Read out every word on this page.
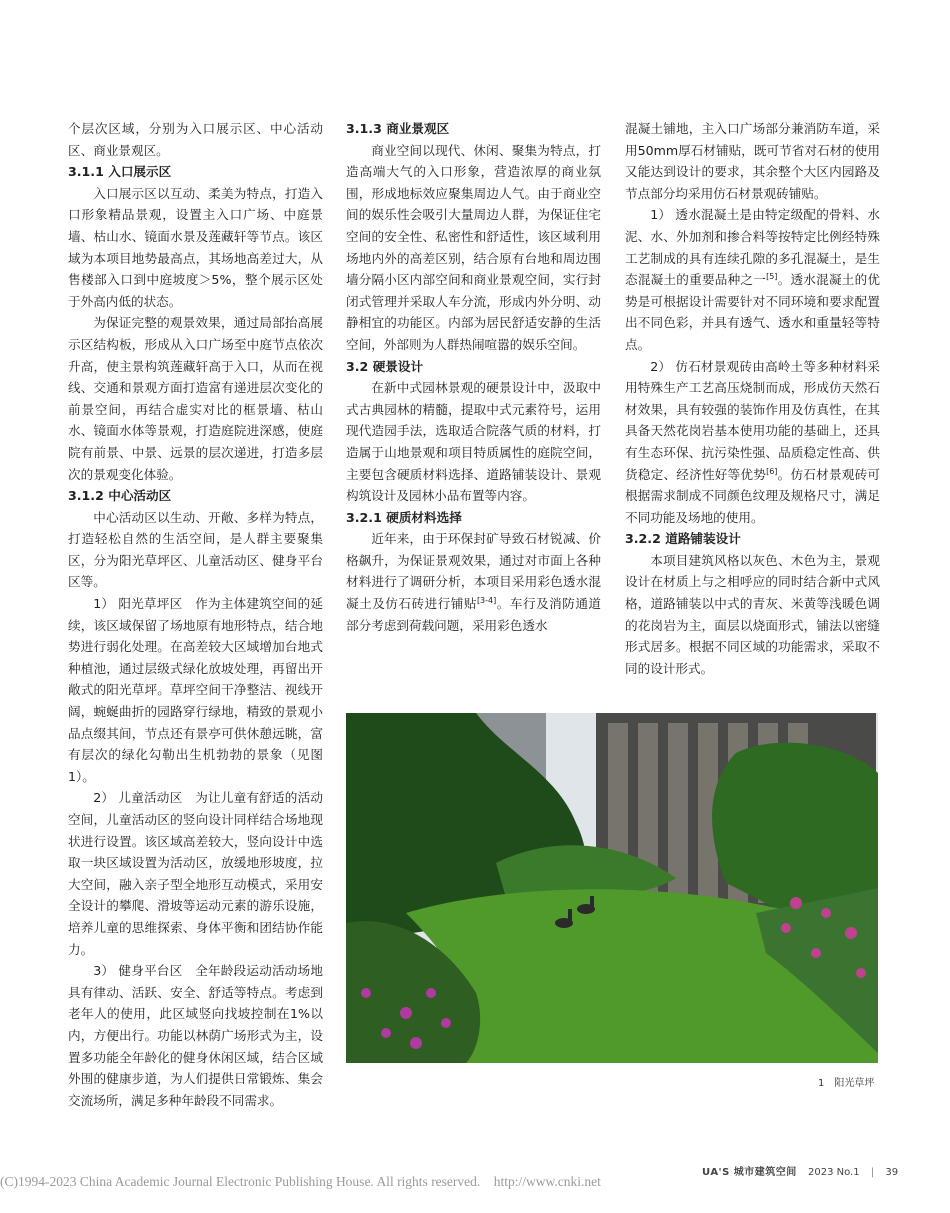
个层次区域，分别为入口展示区、中心活动区、商业景观区。

3.1.1 入口展示区

入口展示区以互动、柔美为特点，打造入口形象精品景观，设置主入口广场、中庭景墙、枯山水、镜面水景及莲藏轩等节点。该区域为本项目地势最高点，其场地高差过大，从售楼部入口到中庭坡度＞5%，整个展示区处于外高内低的状态。

为保证完整的观景效果，通过局部抬高展示区结构板，形成从入口广场至中庭节点依次升高，使主景构筑莲藏轩高于入口，从而在视线、交通和景观方面打造富有递进层次变化的前景空间，再结合虚实对比的框景墙、枯山水、镜面水体等景观，打造庭院进深感，使庭院有前景、中景、远景的层次递进，打造多层次的景观变化体验。

3.1.2 中心活动区

中心活动区以生动、开敞、多样为特点，打造轻松自然的生活空间，是人群主要聚集区，分为阳光草坪区、儿童活动区、健身平台区等。

1） 阳光草坪区　作为主体建筑空间的延续，该区域保留了场地原有地形特点，结合地势进行弱化处理。在高差较大区域增加台地式种植池，通过层级式绿化放坡处理，再留出开敞式的阳光草坪。草坪空间干净整洁、视线开阔，蜿蜒曲折的园路穿行绿地，精致的景观小品点缀其间，节点还有景亭可供休憩远眺，富有层次的绿化勾勒出生机勃勃的景象（见图1）。

2） 儿童活动区　为让儿童有舒适的活动空间，儿童活动区的竖向设计同样结合场地现状进行设置。该区域高差较大，竖向设计中选取一块区域设置为活动区，放缓地形坡度，拉大空间，融入亲子型全地形互动模式，采用安全设计的攀爬、滑坡等运动元素的游乐设施，培养儿童的思维探索、身体平衡和团结协作能力。

3） 健身平台区　全年龄段运动活动场地具有律动、活跃、安全、舒适等特点。考虑到老年人的使用，此区域竖向找坡控制在1%以内，方便出行。功能以林荫广场形式为主，设置多功能全年龄化的健身休闲区域，结合区域外围的健康步道，为人们提供日常锻炼、集会交流场所，满足多种年龄段不同需求。

3.1.3 商业景观区

商业空间以现代、休闲、聚集为特点，打造高端大气的入口形象，营造浓厚的商业氛围，形成地标效应聚集周边人气。由于商业空间的娱乐性会吸引大量周边人群，为保证住宅空间的安全性、私密性和舒适性，该区域利用场地内外的高差区别，结合原有台地和周边围墙分隔小区内部空间和商业景观空间，实行封闭式管理并采取人车分流，形成内外分明、动静相宜的功能区。内部为居民舒适安静的生活空间，外部则为人群热闹喧嚣的娱乐空间。

3.2 硬景设计

在新中式园林景观的硬景设计中，汲取中式古典园林的精髓，提取中式元素符号，运用现代造园手法，选取适合院落气质的材料，打造属于山地景观和项目特质属性的庭院空间，主要包含硬质材料选择、道路铺装设计、景观构筑设计及园林小品布置等内容。

3.2.1 硬质材料选择

近年来，由于环保封矿导致石材锐减、价格飙升，为保证景观效果，通过对市面上各种材料进行了调研分析，本项目采用彩色透水混凝土及仿石砖进行铺贴[3-4]。车行及消防通道部分考虑到荷载问题，采用彩色透水

混凝土铺地，主入口广场部分兼消防车道，采用50mm厚石材铺贴，既可节省对石材的使用又能达到设计的要求，其余整个大区内园路及节点部分均采用仿石材景观砖铺贴。

1） 透水混凝土是由特定级配的骨料、水泥、水、外加剂和掺合料等按特定比例经特殊工艺制成的具有连续孔隙的多孔混凝土，是生态混凝土的重要品种之一[5]。透水混凝土的优势是可根据设计需要针对不同环境和要求配置出不同色彩，并具有透气、透水和重量轻等特点。

2） 仿石材景观砖由高岭土等多种材料采用特殊生产工艺高压烧制而成，形成仿天然石材效果，具有较强的装饰作用及仿真性，在其具备天然花岗岩基本使用功能的基础上，还具有生态环保、抗污染性强、品质稳定性高、供货稳定、经济性好等优势[6]。仿石材景观砖可根据需求制成不同颜色纹理及规格尺寸，满足不同功能及场地的使用。

3.2.2 道路铺装设计

本项目建筑风格以灰色、木色为主，景观设计在材质上与之相呼应的同时结合新中式风格，道路铺装以中式的青灰、米黄等浅暖色调的花岗岩为主，面层以烧面形式，铺法以密缝形式居多。根据不同区域的功能需求，采取不同的设计形式。

1　阳光草坪
(C)1994-2023 China Academic Journal Electronic Publishing House. All rights reserved.　http://www.cnki.net
UA'S 城市建筑空间 2023 No.1 | 39
